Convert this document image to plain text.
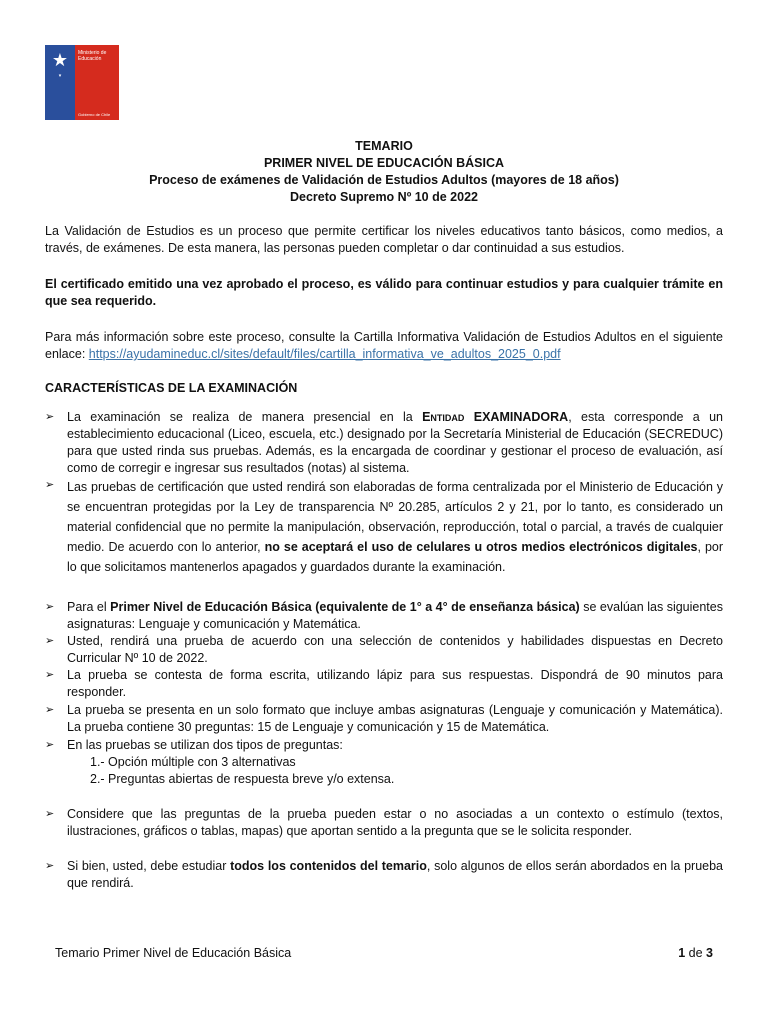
★
▾
Ministerio de Educación
Gobierno de Chile
TEMARIO
PRIMER NIVEL DE EDUCACIÓN BÁSICA
Proceso de exámenes de Validación de Estudios Adultos (mayores de 18 años)
Decreto Supremo Nº 10 de 2022

La Validación de Estudios es un proceso que permite certificar los niveles educativos tanto básicos, como medios, a través, de exámenes. De esta manera, las personas pueden completar o dar continuidad a sus estudios.

El certificado emitido una vez aprobado el proceso, es válido para continuar estudios y para cualquier trámite en que sea requerido.

Para más información sobre este proceso, consulte la Cartilla Informativa Validación de Estudios Adultos en el siguiente enlace: https://ayudamineduc.cl/sites/default/files/cartilla_informativa_ve_adultos_2025_0.pdf

CARACTERÍSTICAS DE LA EXAMINACIÓN

➢	La examinación se realiza de manera presencial en la Entidad EXAMINADORA, esta corresponde a un establecimiento educacional (Liceo, escuela, etc.) designado por la Secretaría Ministerial de Educación (SECREDUC) para que usted rinda sus pruebas. Además, es la encargada de coordinar y gestionar el proceso de evaluación, así como de corregir e ingresar sus resultados (notas) al sistema.
➢	Las pruebas de certificación que usted rendirá son elaboradas de forma centralizada por el Ministerio de Educación y se encuentran protegidas por la Ley de transparencia Nº 20.285, artículos 2 y 21, por lo tanto, es considerado un material confidencial que no permite la manipulación, observación, reproducción, total o parcial, a través de cualquier medio. De acuerdo con lo anterior, no se aceptará el uso de celulares u otros medios electrónicos digitales, por lo que solicitamos mantenerlos apagados y guardados durante la examinación.
➢	Para el Primer Nivel de Educación Básica (equivalente de 1° a 4° de enseñanza básica) se evalúan las siguientes asignaturas: Lenguaje y comunicación y Matemática.
➢	Usted, rendirá una prueba de acuerdo con una selección de contenidos y habilidades dispuestas en Decreto Curricular Nº 10 de 2022.
➢	La prueba se contesta de forma escrita, utilizando lápiz para sus respuestas. Dispondrá de 90 minutos para responder.
➢	La prueba se presenta en un solo formato que incluye ambas asignaturas (Lenguaje y comunicación y Matemática). La prueba contiene 30 preguntas: 15 de Lenguaje y comunicación y 15 de Matemática.
➢	En las pruebas se utilizan dos tipos de preguntas:
1.- Opción múltiple con 3 alternativas
2.- Preguntas abiertas de respuesta breve y/o extensa.
➢	Considere que las preguntas de la prueba pueden estar o no asociadas a un contexto o estímulo (textos, ilustraciones, gráficos o tablas, mapas) que aportan sentido a la pregunta que se le solicita responder.
➢	Si bien, usted, debe estudiar todos los contenidos del temario, solo algunos de ellos serán abordados en la prueba que rendirá.
Temario Primer Nivel de Educación Básica	1 de 3
